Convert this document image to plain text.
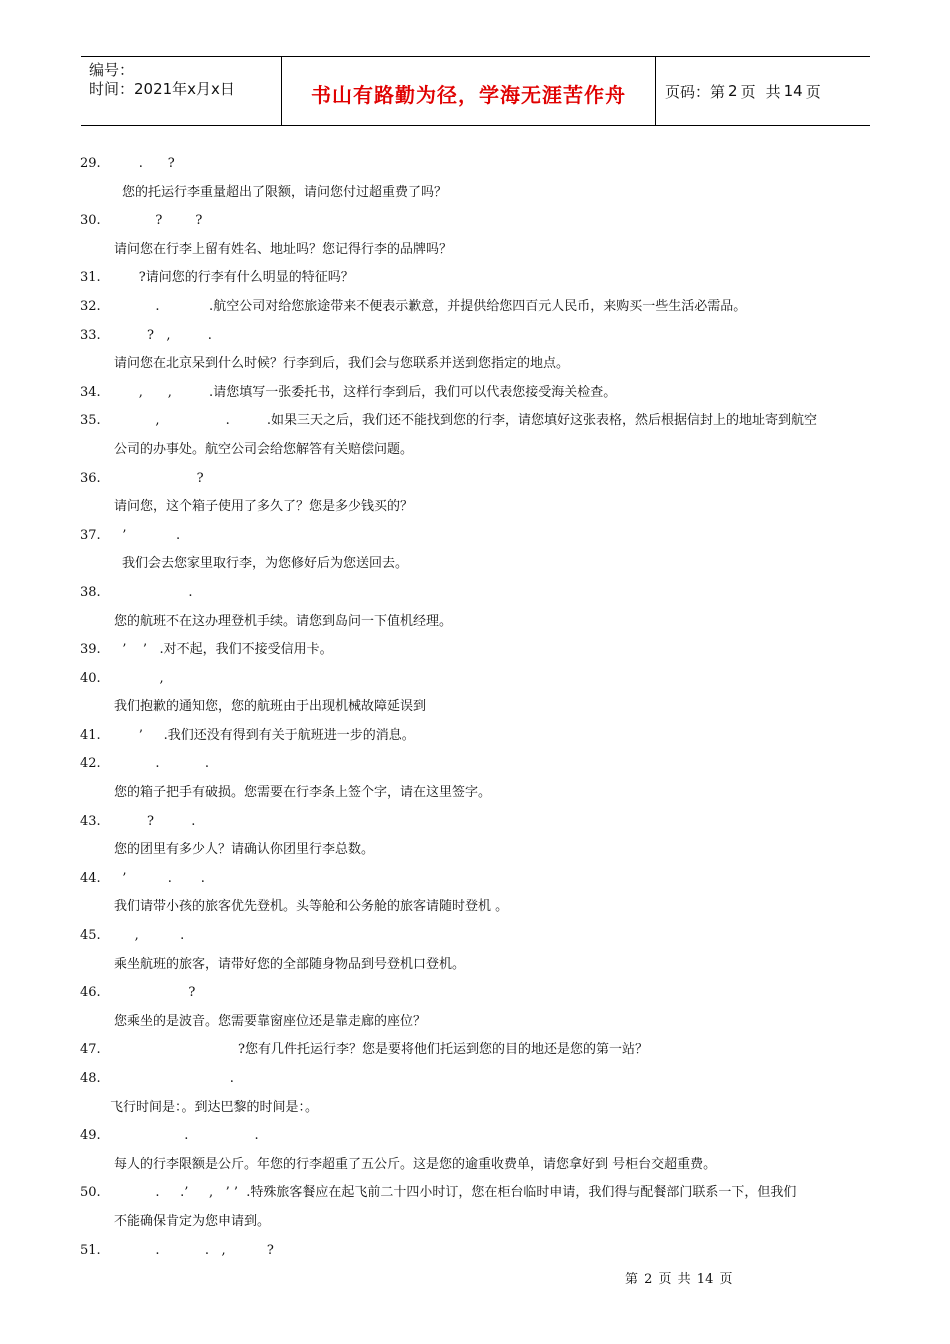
编号：
时间：2021年x月x日	书山有路勤为径，学海无涯苦作舟	页码：第 2 页 共 14 页
29.      .      ?
您的托运行李重量超出了限额，请问您付过超重费了吗？
30.          ?        ?
请问您在行李上留有姓名、地址吗？您记得行李的品牌吗？
31.      ?请问您的行李有什么明显的特征吗？
32.          .            .航空公司对给您旅途带来不便表示歉意，并提供给您四百元人民币，来购买一些生活必需品。
33.        ?   ,         .
请问您在北京呆到什么时候？行李到后，我们会与您联系并送到您指定的地点。
34.      ,      ,         .请您填写一张委托书，这样行李到后，我们可以代表您接受海关检查。
35.          ,                .         .如果三天之后，我们还不能找到您的行李，请您填好这张表格，然后根据信封上的地址寄到航空
公司的办事处。航空公司会给您解答有关赔偿问题。
36.                    ?
请问您，这个箱子使用了多久了？您是多少钱买的？
37.  ’            .
我们会去您家里取行李，为您修好后为您送回去。
38.                  .
您的航班不在这办理登机手续。请您到岛问一下值机经理。
39.  ’    ’   .对不起，我们不接受信用卡。
40.           ,
我们抱歉的通知您，您的航班由于出现机械故障延误到
41.      ’     .我们还没有得到有关于航班进一步的消息。
42.          .           .
您的箱子把手有破损。您需要在行李条上签个字，请在这里签字。
43.        ?         .
您的团里有多少人？请确认你团里行李总数。
44.  ’          .       .
我们请带小孩的旅客优先登机。头等舱和公务舱的旅客请随时登机 。
45.     ,          .
乘坐航班的旅客，请带好您的全部随身物品到号登机口登机。
46.                  ?
您乘坐的是波音。您需要靠窗座位还是靠走廊的座位？
47.                              ?您有几件托运行李？您是要将他们托运到您的目的地还是您的第一站？
48.                            .
飞行时间是：。到达巴黎的时间是：。
49.                 .                .
每人的行李限额是公斤。年您的行李超重了五公斤。这是您的逾重收费单，请您拿好到 号柜台交超重费。
50.          .     .’     ,   ’ ’  .特殊旅客餐应在起飞前二十四小时订，您在柜台临时申请，我们得与配餐部门联系一下，但我们
不能确保肯定为您申请到。
51.          .           .   ,          ?
第 2 页 共 14 页
